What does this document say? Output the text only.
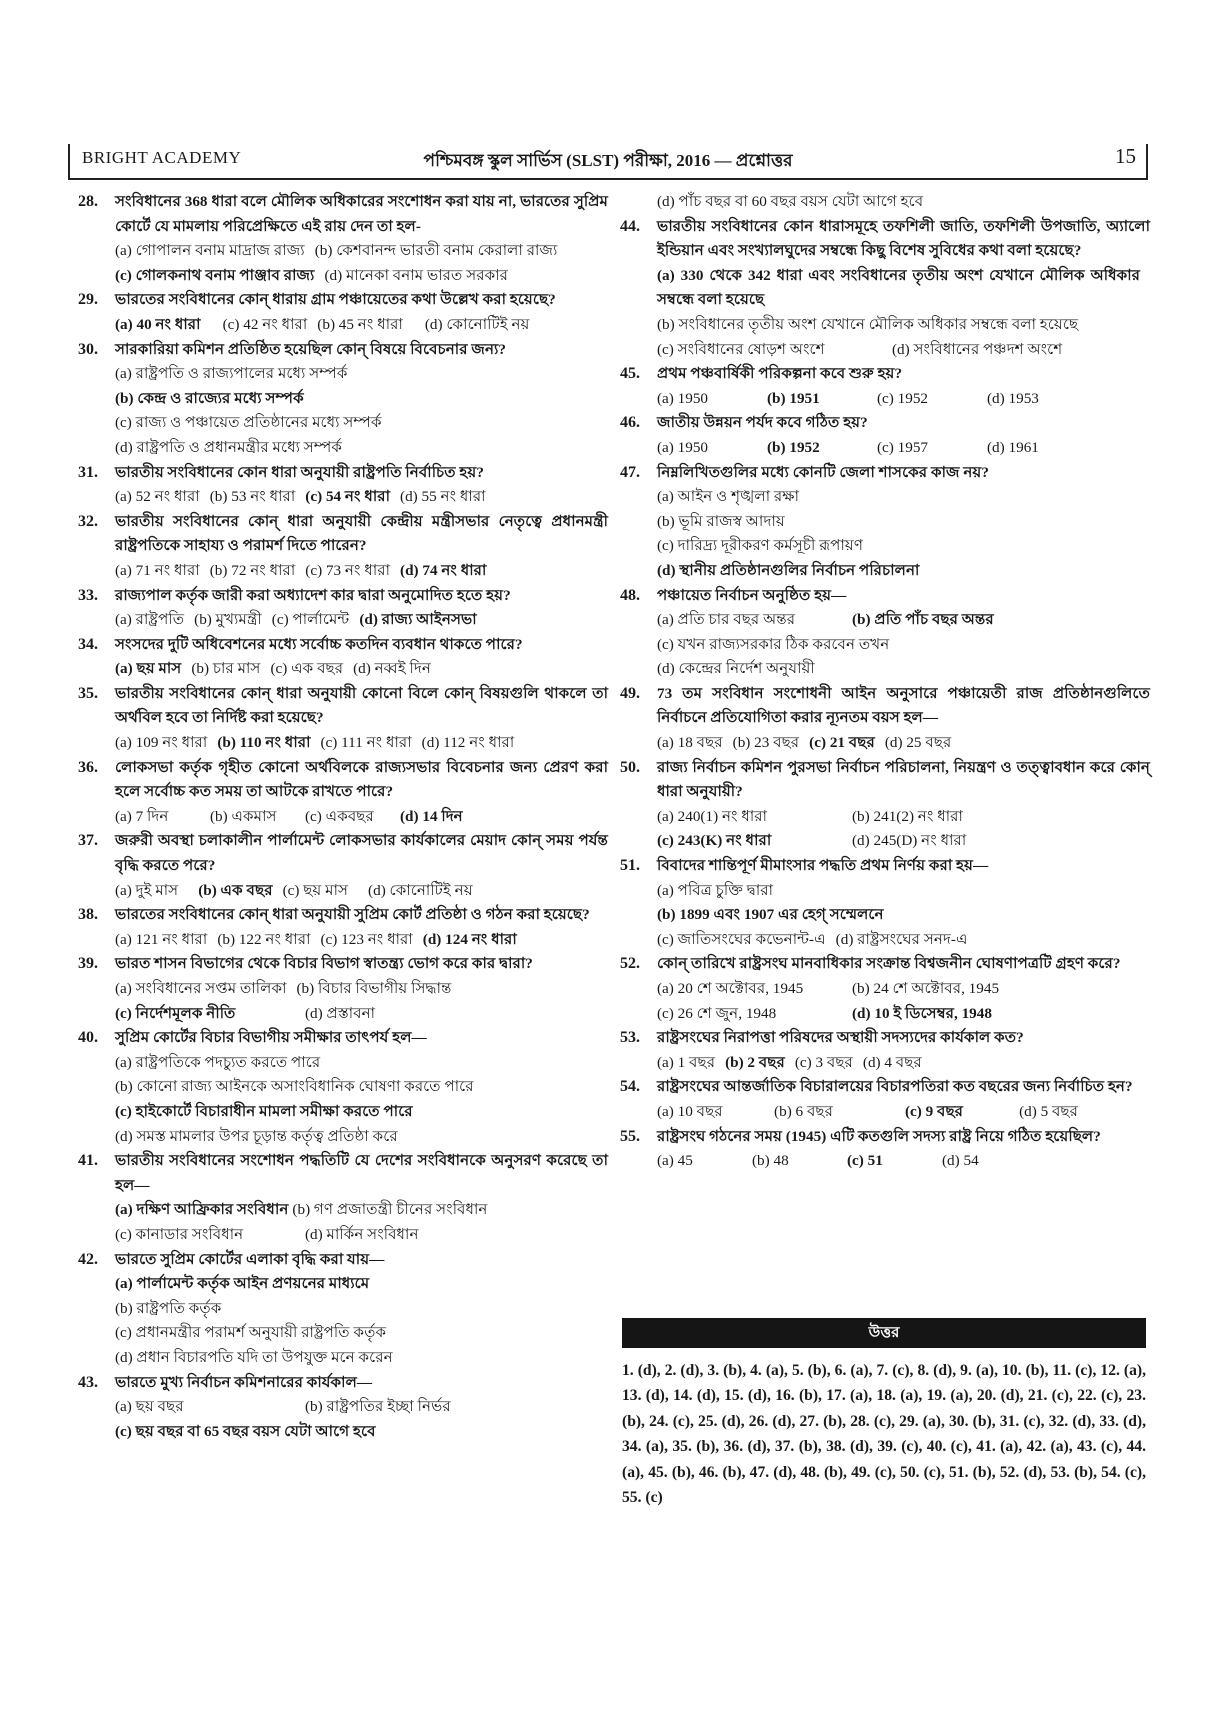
BRIGHT ACADEMY	পশ্চিমবঙ্গ স্কুল সার্ভিস (SLST) পরীক্ষা, 2016 — প্রশ্নোত্তর	15
28. সংবিধানের 368 ধারা বলে মৌলিক অধিকারের সংশোধন করা যায় না, ভারতের সুপ্রিম কোর্টে যে মামলায় পরিপ্রেক্ষিতে এই রায় দেন তা হল-
(a) গোপালন বনাম মাদ্রাজ রাজ্য (b) কেশবানন্দ ভারতী বনাম কেরালা রাজ্য
(c) গোলকনাথ বনাম পাঞ্জাব রাজ্য (d) মানেকা বনাম ভারত সরকার
29. ভারতের সংবিধানের কোন্ ধারায় গ্রাম পঞ্চায়েতের কথা উল্লেখ করা হয়েছে?
(a) 40 নং ধারা (c) 42 নং ধারা (b) 45 নং ধারা (d) কোনোটিই নয়
30. সারকারিয়া কমিশন প্রতিষ্ঠিত হয়েছিল কোন্ বিষয়ে বিবেচনার জন্য?
(a) রাষ্ট্রপতি ও রাজ্যপালের মধ্যে সম্পর্ক
(b) কেন্দ্র ও রাজ্যের মধ্যে সম্পর্ক
(c) রাজ্য ও পঞ্চায়েত প্রতিষ্ঠানের মধ্যে সম্পর্ক
(d) রাষ্ট্রপতি ও প্রধানমন্ত্রীর মধ্যে সম্পর্ক
31. ভারতীয় সংবিধানের কোন ধারা অনুযায়ী রাষ্ট্রপতি নির্বাচিত হয়?
(a) 52 নং ধারা (b) 53 নং ধারা (c) 54 নং ধারা (d) 55 নং ধারা
32. ভারতীয় সংবিধানের কোন্ ধারা অনুযায়ী কেন্দ্রীয় মন্ত্রীসভার নেতৃত্বে প্রধানমন্ত্রী রাষ্ট্রপতিকে সাহায্য ও পরামর্শ দিতে পারেন?
(a) 71 নং ধারা (b) 72 নং ধারা (c) 73 নং ধারা (d) 74 নং ধারা
33. রাজ্যপাল কর্তৃক জারী করা অধ্যাদেশ কার দ্বারা অনুমোদিত হতে হয়?
(a) রাষ্ট্রপতি (b) মুখ্যমন্ত্রী (c) পার্লামেন্ট (d) রাজ্য আইনসভা
34. সংসদের দুটি অধিবেশনের মধ্যে সর্বোচ্চ কতদিন ব্যবধান থাকতে পারে?
(a) ছয় মাস (b) চার মাস (c) এক বছর (d) নব্বই দিন
35. ভারতীয় সংবিধানের কোন্ ধারা অনুযায়ী কোনো বিলে কোন্ বিষয়গুলি থাকলে তা অর্থবিল হবে তা নির্দিষ্ট করা হয়েছে?
(a) 109 নং ধারা (b) 110 নং ধারা (c) 111 নং ধারা (d) 112 নং ধারা
36. লোকসভা কর্তৃক গৃহীত কোনো অর্থবিলকে রাজ্যসভার বিবেচনার জন্য প্রেরণ করা হলে সর্বোচ্চ কত সময় তা আটকে রাখতে পারে?
(a) 7 দিন	(b) একমাস	(c) একবছর	(d) 14 দিন
37. জরুরী অবস্থা চলাকালীন পার্লামেন্ট লোকসভার কার্যকালের মেয়াদ কোন্ সময় পর্যন্ত বৃদ্ধি করতে পরে?
(a) দুই মাস (b) এক বছর (c) ছয় মাস (d) কোনোটিই নয়
38. ভারতের সংবিধানের কোন্ ধারা অনুযায়ী সুপ্রিম কোর্ট প্রতিষ্ঠা ও গঠন করা হয়েছে?
(a) 121 নং ধারা (b) 122 নং ধারা (c) 123 নং ধারা (d) 124 নং ধারা
39. ভারত শাসন বিভাগের থেকে বিচার বিভাগ স্বাতন্ত্র্য ভোগ করে কার দ্বারা?
(a) সংবিধানের সপ্তম তালিকা (b) বিচার বিভাগীয় সিদ্ধান্ত
(c) নির্দেশমূলক নীতি	(d) প্রস্তাবনা
40. সুপ্রিম কোর্টের বিচার বিভাগীয় সমীক্ষার তাৎপর্য হল—
(a) রাষ্ট্রপতিকে পদচ্যুত করতে পারে
(b) কোনো রাজ্য আইনকে অসাংবিধানিক ঘোষণা করতে পারে
(c) হাইকোর্টে বিচারাধীন মামলা সমীক্ষা করতে পারে
(d) সমস্ত মামলার উপর চূড়ান্ত কর্তৃত্ব প্রতিষ্ঠা করে
41. ভারতীয় সংবিধানের সংশোধন পদ্ধতিটি যে দেশের সংবিধানকে অনুসরণ করেছে তা হল—
(a) দক্ষিণ আফ্রিকার সংবিধান (b) গণ প্রজাতন্ত্রী চীনের সংবিধান
(c) কানাডার সংবিধান	(d) মার্কিন সংবিধান
42. ভারতে সুপ্রিম কোর্টের এলাকা বৃদ্ধি করা যায়—
(a) পার্লামেন্ট কর্তৃক আইন প্রণয়নের মাধ্যমে
(b) রাষ্ট্রপতি কর্তৃক
(c) প্রধানমন্ত্রীর পরামর্শ অনুযায়ী রাষ্ট্রপতি কর্তৃক
(d) প্রধান বিচারপতি যদি তা উপযুক্ত মনে করেন
43. ভারতে মুখ্য নির্বাচন কমিশনারের কার্যকাল—
(a) ছয় বছর	(b) রাষ্ট্রপতির ইচ্ছা নির্ভর
(c) ছয় বছর বা 65 বছর বয়স যেটা আগে হবে
(d) পাঁচ বছর বা 60 বছর বয়স যেটা আগে হবে
44. ভারতীয় সংবিধানের কোন ধারাসমূহে তফশিলী জাতি, তফশিলী উপজাতি, অ্যালো ইন্ডিয়ান এবং সংখ্যালঘুদের সম্বন্ধে কিছু বিশেষ সুবিধের কথা বলা হয়েছে?
(a) 330 থেকে 342 ধারা এবং সংবিধানের তৃতীয় অংশ যেখানে মৌলিক অধিকার সম্বন্ধে বলা হয়েছে
(b) সংবিধানের তৃতীয় অংশ যেখানে মৌলিক অধিকার সম্বন্ধে বলা হয়েছে
(c) সংবিধানের ষোড়শ অংশে	(d) সংবিধানের পঞ্চদশ অংশে
45. প্রথম পঞ্চবার্ষিকী পরিকল্পনা কবে শুরু হয়?
(a) 1950	(b) 1951	(c) 1952	(d) 1953
46. জাতীয় উন্নয়ন পর্যদ কবে গঠিত হয়?
(a) 1950	(b) 1952	(c) 1957	(d) 1961
47. নিম্নলিখিতগুলির মধ্যে কোনটি জেলা শাসকের কাজ নয়?
(a) আইন ও শৃঙ্খলা রক্ষা
(b) ভূমি রাজস্ব আদায়
(c) দারিদ্র্য দূরীকরণ কর্মসূচী রূপায়ণ
(d) স্থানীয় প্রতিষ্ঠানগুলির নির্বাচন পরিচালনা
48. পঞ্চায়েত নির্বাচন অনুষ্ঠিত হয়—
(a) প্রতি চার বছর অন্তর	(b) প্রতি পাঁচ বছর অন্তর
(c) যখন রাজ্যসরকার ঠিক করবেন তখন
(d) কেন্দ্রের নির্দেশ অনুযায়ী
49. 73 তম সংবিধান সংশোধনী আইন অনুসারে পঞ্চায়েতী রাজ প্রতিষ্ঠানগুলিতে নির্বাচনে প্রতিযোগিতা করার ন্যূনতম বয়স হল—
(a) 18 বছর (b) 23 বছর (c) 21 বছর (d) 25 বছর
50. রাজ্য নির্বাচন কমিশন পুরসভা নির্বাচন পরিচালনা, নিয়ন্ত্রণ ও তত্ত্বাবধান করে কোন্ ধারা অনুযায়ী?
(a) 240(1) নং ধারা	(b) 241(2) নং ধারা
(c) 243(K) নং ধারা	(d) 245(D) নং ধারা
51. বিবাদের শান্তিপূর্ণ মীমাংসার পদ্ধতি প্রথম নির্ণয় করা হয়—
(a) পবিত্র চুক্তি দ্বারা
(b) 1899 এবং 1907 এর হেগ্ সম্মেলনে
(c) জাতিসংঘের কভেনান্ট-এ (d) রাষ্ট্রসংঘের সনদ-এ
52. কোন্ তারিখে রাষ্ট্রসংঘ মানবাধিকার সংক্রান্ত বিশ্বজনীন ঘোষণাপত্রটি গ্রহণ করে?
(a) 20 শে অক্টোবর, 1945	(b) 24 শে অক্টোবর, 1945
(c) 26 শে জুন, 1948	(d) 10 ই ডিসেম্বর, 1948
53. রাষ্ট্রসংঘের নিরাপত্তা পরিষদের অস্থায়ী সদস্যদের কার্যকাল কত?
(a) 1 বছর (b) 2 বছর (c) 3 বছর (d) 4 বছর
54. রাষ্ট্রসংঘের আন্তর্জাতিক বিচারালয়ের বিচারপতিরা কত বছরের জন্য নির্বাচিত হন?
(a) 10 বছর	(b) 6 বছর	(c) 9 বছর	(d) 5 বছর
55. রাষ্ট্রসংঘ গঠনের সময় (1945) এটি কতগুলি সদস্য রাষ্ট্র নিয়ে গঠিত হয়েছিল?
(a) 45	(b) 48	(c) 51	(d) 54
উত্তর
1. (d), 2. (d), 3. (b), 4. (a), 5. (b), 6. (a), 7. (c), 8. (d), 9. (a), 10. (b), 11. (c), 12. (a), 13. (d), 14. (d), 15. (d), 16. (b), 17. (a), 18. (a), 19. (a), 20. (d), 21. (c), 22. (c), 23. (b), 24. (c), 25. (d), 26. (d), 27. (b), 28. (c), 29. (a), 30. (b), 31. (c), 32. (d), 33. (d), 34. (a), 35. (b), 36. (d), 37. (b), 38. (d), 39. (c), 40. (c), 41. (a), 42. (a), 43. (c), 44. (a), 45. (b), 46. (b), 47. (d), 48. (b), 49. (c), 50. (c), 51. (b), 52. (d), 53. (b), 54. (c), 55. (c)
